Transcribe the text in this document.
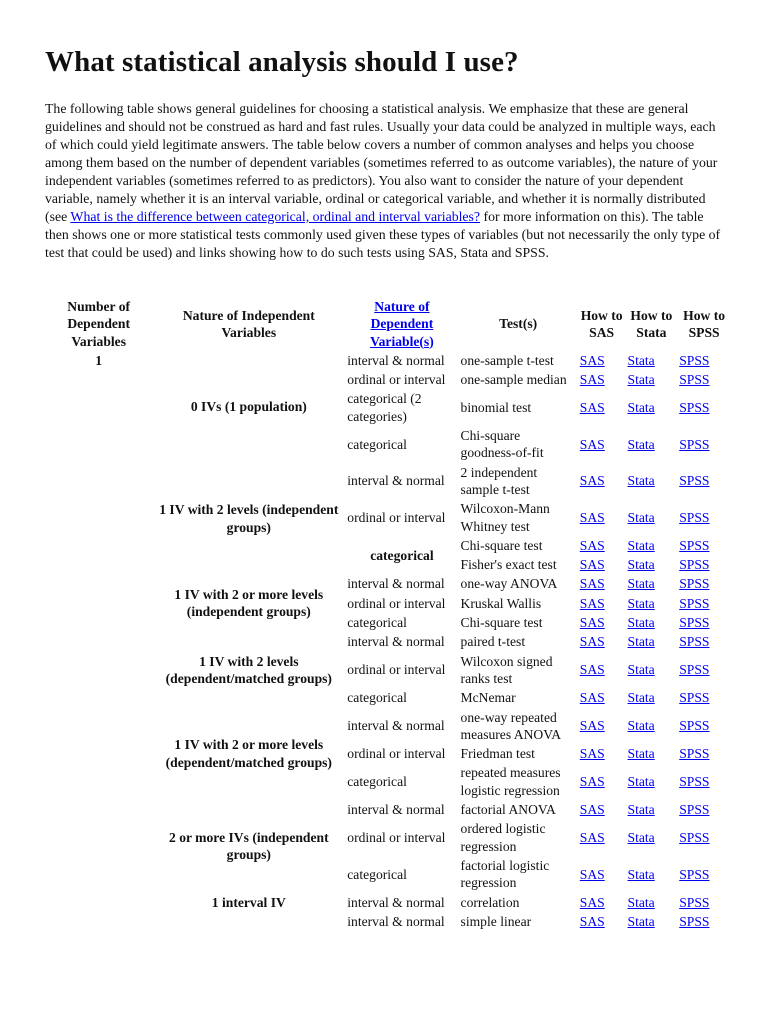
What statistical analysis should I use?

The following table shows general guidelines for choosing a statistical analysis. We emphasize that these are general guidelines and should not be construed as hard and fast rules. Usually your data could be analyzed in multiple ways, each of which could yield legitimate answers. The table below covers a number of common analyses and helps you choose among them based on the number of dependent variables (sometimes referred to as outcome variables), the nature of your independent variables (sometimes referred to as predictors). You also want to consider the nature of your dependent variable, namely whether it is an interval variable, ordinal or categorical variable, and whether it is normally distributed (see What is the difference between categorical, ordinal and interval variables? for more information on this). The table then shows one or more statistical tests commonly used given these types of variables (but not necessarily the only type of test that could be used) and links showing how to do such tests using SAS, Stata and SPSS.

Number of Dependent Variables	Nature of Independent Variables	Nature of Dependent Variable(s)	Test(s)	How to SAS	How to Stata	How to SPSS
1	0 IVs (1 population)	interval & normal	one-sample t-test	SAS	Stata	SPSS
		ordinal or interval	one-sample median	SAS	Stata	SPSS
		categorical (2 categories)	binomial test	SAS	Stata	SPSS
		categorical	Chi-square goodness-of-fit	SAS	Stata	SPSS
	1 IV with 2 levels (independent groups)	interval & normal	2 independent sample t-test	SAS	Stata	SPSS
		ordinal or interval	Wilcoxon-Mann Whitney test	SAS	Stata	SPSS
		categorical	Chi-square test	SAS	Stata	SPSS
			Fisher's exact test	SAS	Stata	SPSS
	1 IV with 2 or more levels (independent groups)	interval & normal	one-way ANOVA	SAS	Stata	SPSS
		ordinal or interval	Kruskal Wallis	SAS	Stata	SPSS
		categorical	Chi-square test	SAS	Stata	SPSS
	1 IV with 2 levels (dependent/matched groups)	interval & normal	paired t-test	SAS	Stata	SPSS
		ordinal or interval	Wilcoxon signed ranks test	SAS	Stata	SPSS
		categorical	McNemar	SAS	Stata	SPSS
	1 IV with 2 or more levels (dependent/matched groups)	interval & normal	one-way repeated measures ANOVA	SAS	Stata	SPSS
		ordinal or interval	Friedman test	SAS	Stata	SPSS
		categorical	repeated measures logistic regression	SAS	Stata	SPSS
	2 or more IVs (independent groups)	interval & normal	factorial ANOVA	SAS	Stata	SPSS
		ordinal or interval	ordered logistic regression	SAS	Stata	SPSS
		categorical	factorial logistic regression	SAS	Stata	SPSS
	1 interval IV	interval & normal	correlation	SAS	Stata	SPSS
		interval & normal	simple linear	SAS	Stata	SPSS
